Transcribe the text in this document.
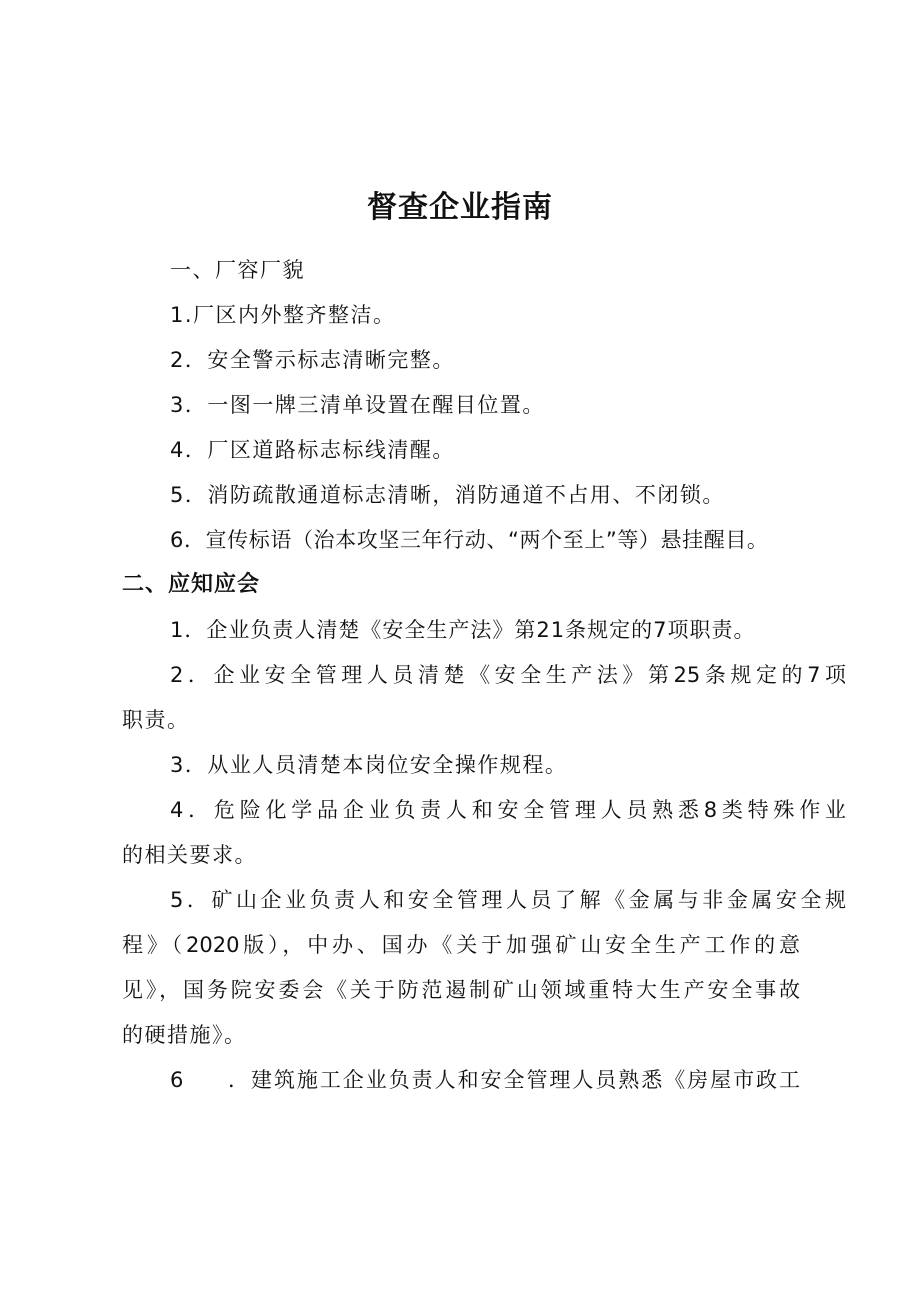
督查企业指南
一、厂容厂貌
1.厂区内外整齐整洁。
2．安全警示标志清晰完整。
3．一图一牌三清单设置在醒目位置。
4．厂区道路标志标线清醒。
5．消防疏散通道标志清晰，消防通道不占用、不闭锁。
6．宣传标语（治本攻坚三年行动、“两个至上”等）悬挂醒目。
二、应知应会
1．企业负责人清楚《安全生产法》第21条规定的7项职责。
2．企业安全管理人员清楚《安全生产法》第25条规定的7项
职责。
3．从业人员清楚本岗位安全操作规程。
4．危险化学品企业负责人和安全管理人员熟悉8类特殊作业
的相关要求。
5．矿山企业负责人和安全管理人员了解《金属与非金属安全规
程》（2020版），中办、国办《关于加强矿山安全生产工作的意
见》，国务院安委会《关于防范遏制矿山领域重特大生产安全事故
的硬措施》。
6 ．建筑施工企业负责人和安全管理人员熟悉《房屋市政工
